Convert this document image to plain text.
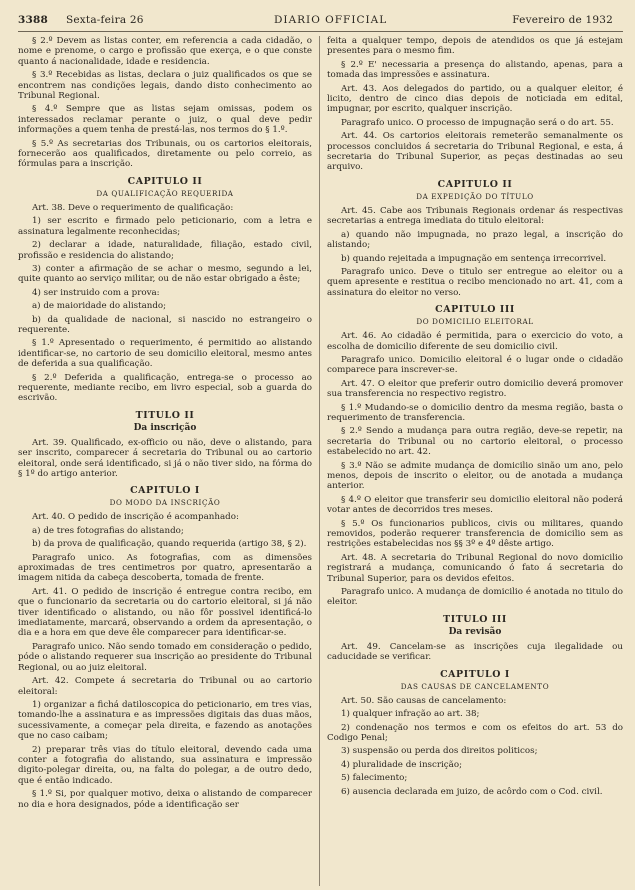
3388 Sexta-feira 26	DIARIO OFFICIAL	Fevereiro de 1932

§ 2.º Devem as listas conter, em referencia a cada cidadão, o nome e prenome, o cargo e profissão que exerça, e o que conste quanto á nacionalidade, idade e residencia.

§ 3.º Recebidas as listas, declara o juiz qualificados os que se encontrem nas condições legais, dando disto conhecimento ao Tribunal Regional.

§ 4.º Sempre que as listas sejam omissas, podem os interessados reclamar perante o juiz, o qual deve pedir informações a quem tenha de prestá-las, nos termos do § 1.º.

§ 5.º As secretarias dos Tribunais, ou os cartorios eleitorais, fornecerão aos qualificados, diretamente ou pelo correio, as fórmulas para a inscrição.

CAPITULO II
DA QUALIFICAÇÃO REQUERIDA

Art. 38. Deve o requerimento de qualificação:

1) ser escrito e firmado pelo peticionario, com a letra e assinatura legalmente reconhecidas;

2) declarar a idade, naturalidade, filiação, estado civil, profissão e residencia do alistando;

3) conter a afirmação de se achar o mesmo, segundo a lei, quite quanto ao serviço militar, ou de não estar obrigado a êste;

4) ser instruido com a prova:

a) de maioridade do alistando;

b) da qualidade de nacional, si nascido no estrangeiro o requerente.

§ 1.º Apresentado o requerimento, é permitido ao alistando identificar-se, no cartorio de seu domicilio eleitoral, mesmo antes de deferida a sua qualificação.

§ 2.º Deferida a qualificação, entrega-se o processo ao requerente, mediante recibo, em livro especial, sob a guarda do escrivão.

TITULO II
Da inscrição

Art. 39. Qualificado, ex-officio ou não, deve o alistando, para ser inscrito, comparecer á secretaria do Tribunal ou ao cartorio eleitoral, onde será identificado, si já o não tiver sido, na fórma do § 1º do artigo anterior.

CAPITULO I
DO MODO DA INSCRIÇÃO

Art. 40. O pedido de inscrição é acompanhado:

a) de tres fotografias do alistando;

b) da prova de qualificação, quando requerida (artigo 38, § 2).

Paragrafo unico. As fotografias, com as dimensões aproximadas de tres centimetros por quatro, apresentarão a imagem nitida da cabeça descoberta, tomada de frente.

Art. 41. O pedido de inscrição é entregue contra recibo, em que o funcionario da secretaria ou do cartorio eleitoral, si já não tiver identificado o alistando, ou não fôr possivel identificá-lo imediatamente, marcará, observando a ordem da apresentação, o dia e a hora em que deve êle comparecer para identificar-se.

Paragrafo unico. Não sendo tomado em consideração o pedido, póde o alistando requerer sua inscrição ao presidente do Tribunal Regional, ou ao juiz eleitoral.

Art. 42. Compete á secretaria do Tribunal ou ao cartorio eleitoral:

1) organizar a fichá datiloscopica do peticionario, em tres vias, tomando-lhe a assinatura e as impressões digitais das duas mãos, sucessivamente, a começar pela direita, e fazendo as anotações que no caso caibam;

2) preparar três vias do título eleitoral, devendo cada uma conter a fotografia do alistando, sua assinatura e impressão digito-polegar direita, ou, na falta do polegar, a de outro dedo, que é então indicado.

§ 1.º Si, por qualquer motivo, deixa o alistando de comparecer no dia e hora designados, póde a identificação ser

feita a qualquer tempo, depois de atendidos os que já estejam presentes para o mesmo fim.

§ 2.º E' necessaria a presença do alistando, apenas, para a tomada das impressões e assinatura.

Art. 43. Aos delegados do partido, ou a qualquer eleitor, é licito, dentro de cinco dias depois de noticiada em edital, impugnar, por escrito, qualquer inscrição.

Paragrafo unico. O processo de impugnação será o do art. 55.

Art. 44. Os cartorios eleitorais remeterão semanalmente os processos concluidos á secretaria do Tribunal Regional, e esta, á secretaria do Tribunal Superior, as peças destinadas ao seu arquivo.

CAPITULO II
DA EXPEDIÇÃO DO TÍTULO

Art. 45. Cabe aos Tribunais Regionais ordenar ás respectivas secretarias a entrega imediata do titulo eleitoral:

a) quando não impugnada, no prazo legal, a inscrição do alistando;

b) quando rejeitada a impugnação em sentença irrecorrivel.

Paragrafo unico. Deve o titulo ser entregue ao eleitor ou a quem apresente e restitua o recibo mencionado no art. 41, com a assinatura do eleitor no verso.

CAPITULO III
DO DOMICILIO ELEITORAL

Art. 46. Ao cidadão é permitida, para o exercicio do voto, a escolha de domicilio diferente de seu domicilio civil.

Paragrafo unico. Domicilio eleitoral é o lugar onde o cidadão comparece para inscrever-se.

Art. 47. O eleitor que preferir outro domicilio deverá promover sua transferencia no respectivo registro.

§ 1.º Mudando-se o domicilio dentro da mesma região, basta o requerimento de transferencia.

§ 2.º Sendo a mudança para outra região, deve-se repetir, na secretaria do Tribunal ou no cartorio eleitoral, o processo estabelecido no art. 42.

§ 3.º Não se admite mudança de domicilio sinão um ano, pelo menos, depois de inscrito o eleitor, ou de anotada a mudança anterior.

§ 4.º O eleitor que transferir seu domicilio eleitoral não poderá votar antes de decorridos tres meses.

§ 5.º Os funcionarios publicos, civis ou militares, quando removidos, poderão requerer transferencia de domicilio sem as restrições estabelecidas nos §§ 3º e 4º dêste artigo.

Art. 48. A secretaria do Tribunal Regional do novo domicilio registrará a mudança, comunicando ó fato á secretaria do Tribunal Superior, para os devidos efeitos.

Paragrafo unico. A mudança de domicilio é anotada no titulo do eleitor.

TITULO III
Da revisão

Art. 49. Cancelam-se as inscrições cuja ilegalidade ou caducidade se verificar.

CAPITULO I
DAS CAUSAS DE CANCELAMENTO

Art. 50. São causas de cancelamento:

1) qualquer infração ao art. 38;

2) condenação nos termos e com os efeitos do art. 53 do Codigo Penal;

3) suspensão ou perda dos direitos politicos;

4) pluralidade de inscrição;

5) falecimento;

6) ausencia declarada em juizo, de acôrdo com o Cod. civil.
